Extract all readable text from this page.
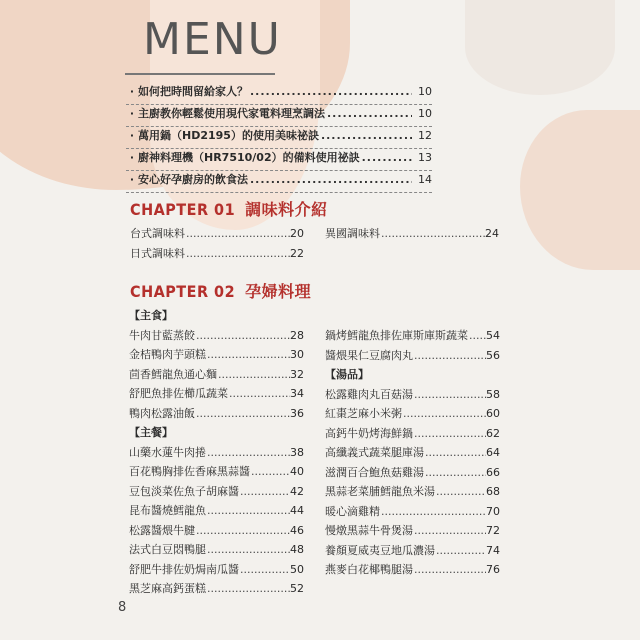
MENU
· 如何把時間留給家人？ .....	10
· 主廚教你輕鬆使用現代家電料理烹調法 .....	10
· 萬用鍋（HD2195）的使用美味祕訣 .....	12
· 廚神料理機（HR7510/02）的備料使用祕訣 .....	13
· 安心好孕廚房的飲食法 .....	14
CHAPTER 01 調味料介紹
台式調味料 .....	20
日式調味料 .....	22
異國調味料 .....	24
CHAPTER 02 孕婦料理
【主食】
牛肉甘藍蒸餃 .....	28
金桔鴨肉芋頭糕 .....	30
茴香鱈龍魚通心麵 .....	32
舒肥魚排佐櫛瓜蔬菜 .....	34
鴨肉松露油飯 .....	36
【主餐】
山藥水蓮牛肉捲 .....	38
百花鴨胸排佐香麻黑蒜醬 .....	40
豆包淡菜佐魚子胡麻醬 .....	42
昆布醬燒鱈龍魚 .....	44
松露醬煨牛腱 .....	46
法式白豆悶鴨腿 .....	48
舒肥牛排佐奶焗南瓜醬 .....	50
黑芝麻高鈣蛋糕 .....	52
鍋烤鱈龍魚排佐庫斯庫斯蔬菜 ..... 54
醬煨果仁豆腐肉丸 .....	56
【湯品】
松露雞肉丸百菇湯 .....	58
紅棗芝麻小米粥 .....	60
高鈣牛奶烤海鮮鍋 .....	62
高纖義式蔬菜腿庫湯 .....	64
滋潤百合鮑魚菇雞湯 .....	66
黑蒜老菜脯鱈龍魚米湯 .....	68
暖心滴雞精 .....	70
慢燉黑蒜牛骨煲湯 .....	72
養顏夏威夷豆地瓜濃湯 .....	74
燕麥白花椰鴨腿湯 .....	76
8
